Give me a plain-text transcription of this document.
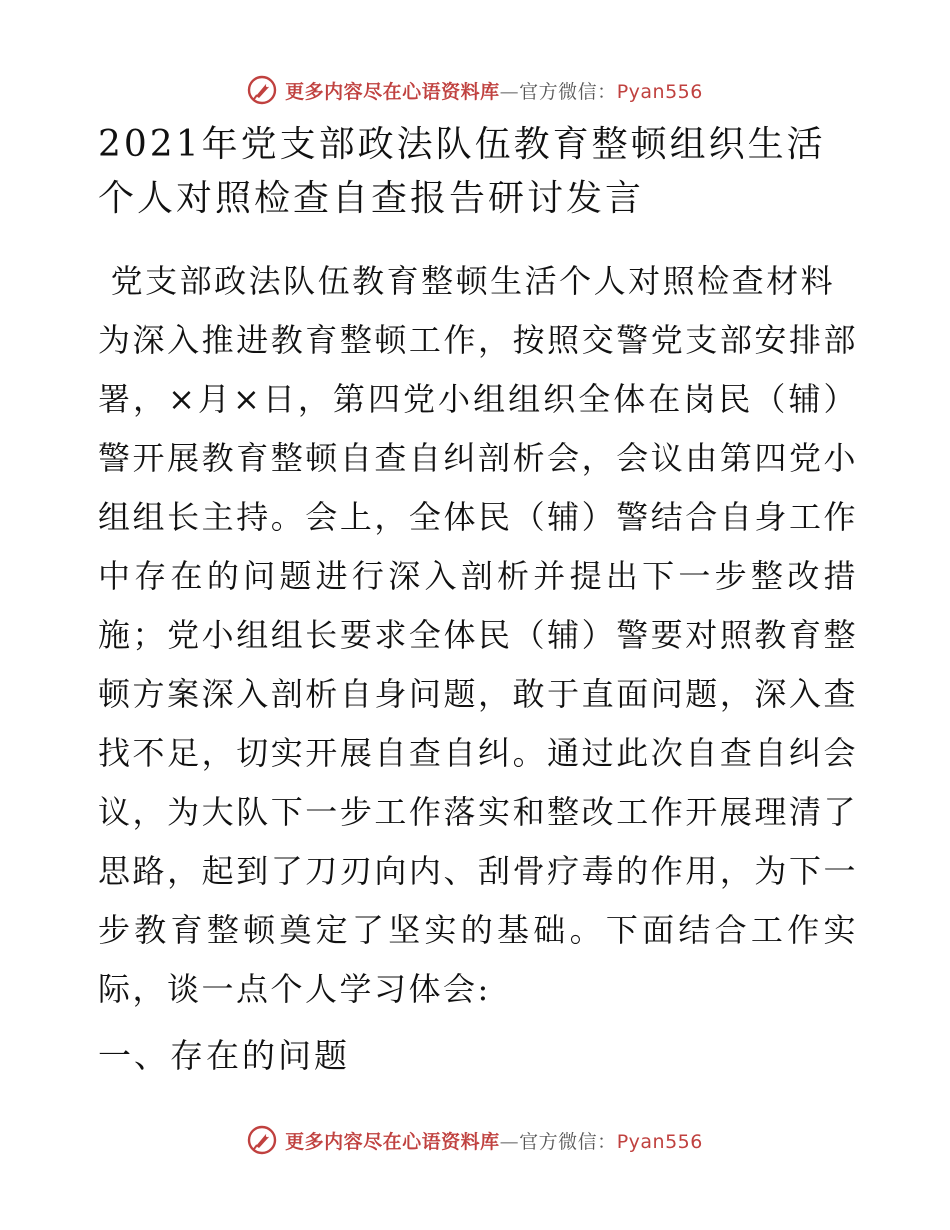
更多内容尽在心语资料库—官方微信：Pyan556
2021年党支部政法队伍教育整顿组织生活个人对照检查自查报告研讨发言
党支部政法队伍教育整顿生活个人对照检查材料
为深入推进教育整顿工作，按照交警党支部安排部署，×月×日，第四党小组组织全体在岗民（辅）警开展教育整顿自查自纠剖析会，会议由第四党小组组长主持。会上，全体民（辅）警结合自身工作中存在的问题进行深入剖析并提出下一步整改措施；党小组组长要求全体民（辅）警要对照教育整顿方案深入剖析自身问题，敢于直面问题，深入查找不足，切实开展自查自纠。通过此次自查自纠会议，为大队下一步工作落实和整改工作开展理清了思路，起到了刀刃向内、刮骨疗毒的作用，为下一步教育整顿奠定了坚实的基础。下面结合工作实际，谈一点个人学习体会:
一、存在的问题
更多内容尽在心语资料库—官方微信：Pyan556
